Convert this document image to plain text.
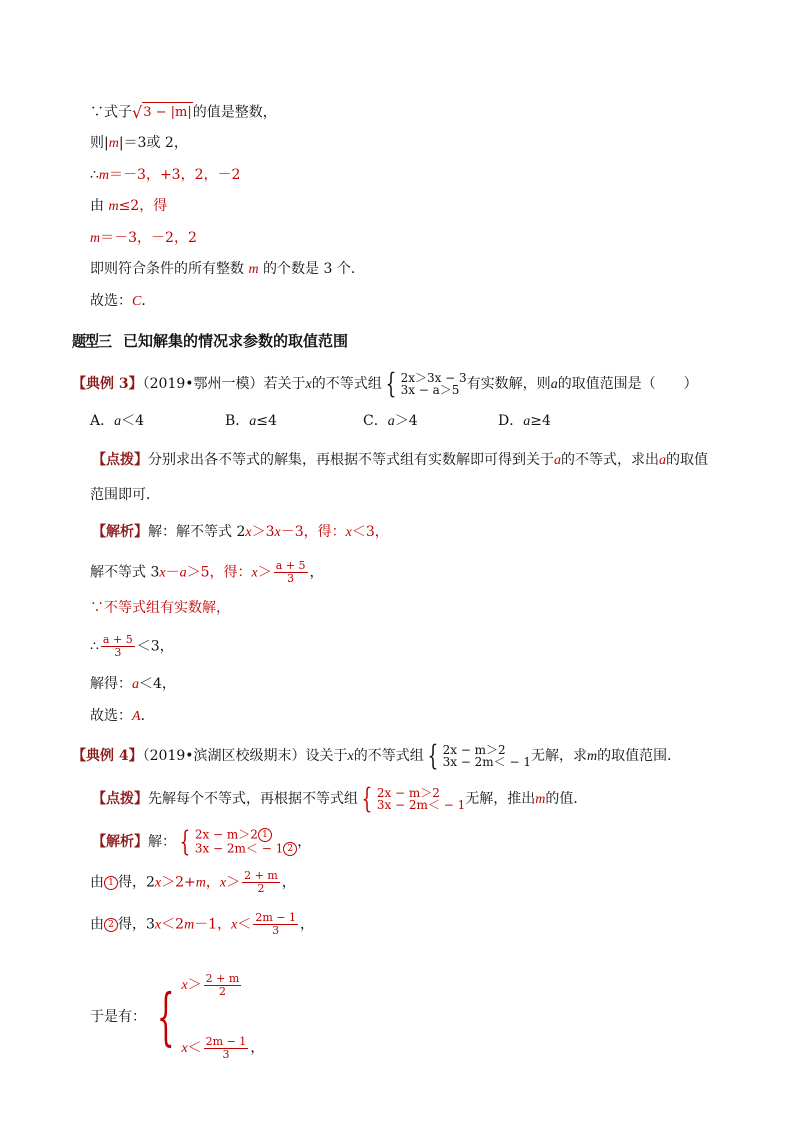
∵式子 √ 3 − |m| 的值是整数，
则|m|＝3或 2，
∴m＝－3，+3，2，－2
由 m≤2，得
m＝－3，－2，2
即则符合条件的所有整数 m 的个数是 3 个．
故选：C．
题型三 已知解集的情况求参数的取值范围
【典例 3】（2019•鄂州一模）若关于x的不等式组 { 2x＞3x − 3
3x − a＞5 有实数解，则a的取值范围是（　　）
A．a＜4	B．a≤4	C．a＞4	D．a≥4
【点拨】分别求出各不等式的解集，再根据不等式组有实数解即可得到关于a的不等式，求出a的取值
范围即可．
【解析】解：解不等式 2x＞3x－3，得：x＜3，
解不等式 3x－a＞5，得：$x> \frac{a + 5}{3}$ ，
∵不等式组有实数解，
∴ $\frac{a + 5}{3} <3$，
解得：a＜4，
故选：A．
【典例 4】（2019•滨湖区校级期末）设关于x的不等式组 { 2x − m＞2
3x − 2m＜ − 1 无解，求m的取值范围．
【点拨】先解每个不等式，再根据不等式组 { 2x − m＞2
3x − 2m＜ − 1 无解，推出m的值．
【解析】解： { 2x − m＞2 1
3x − 2m＜ − 1 2 ，
由 1 得，2x＞2+m，$x> \frac{2 + m}{2}$ ，
由 2 得，3x＜2m－1，$x< \frac{2m - 1}{3}$ ，
于是有： { $x> \frac{2 + m}{2}$
$x< \frac{2m - 1}{3}$ ，
